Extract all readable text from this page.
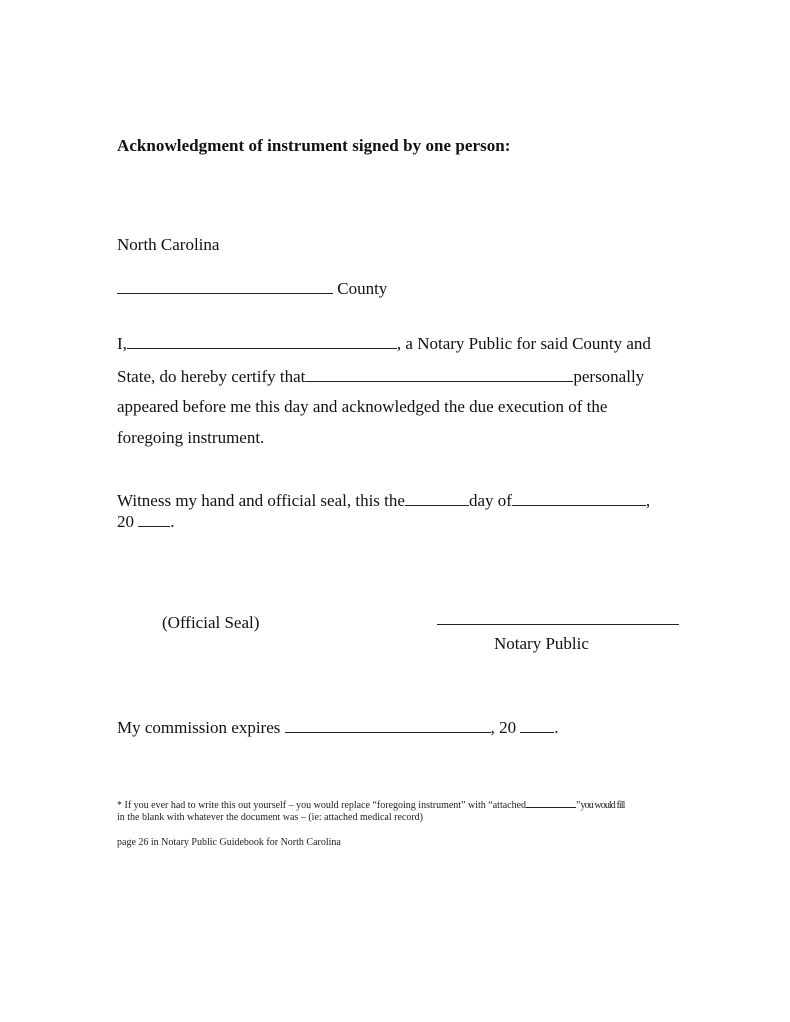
Acknowledgment of instrument signed by one person:
North Carolina
County
I,	, a Notary Public for said County and
State, do hereby certify that	personally
appeared before me this day and acknowledged the due execution of the
foregoing instrument.
Witness my hand and official seal, this the	day of	,
20 .
(Official Seal)
Notary Public
My commission expires	, 20 .
* If you ever had to write this out yourself – you would replace “foregoing instrument” with “attached	”you would fill
in the blank with whatever the document was – (ie: attached medical record)
page 26 in Notary Public Guidebook for North Carolina
